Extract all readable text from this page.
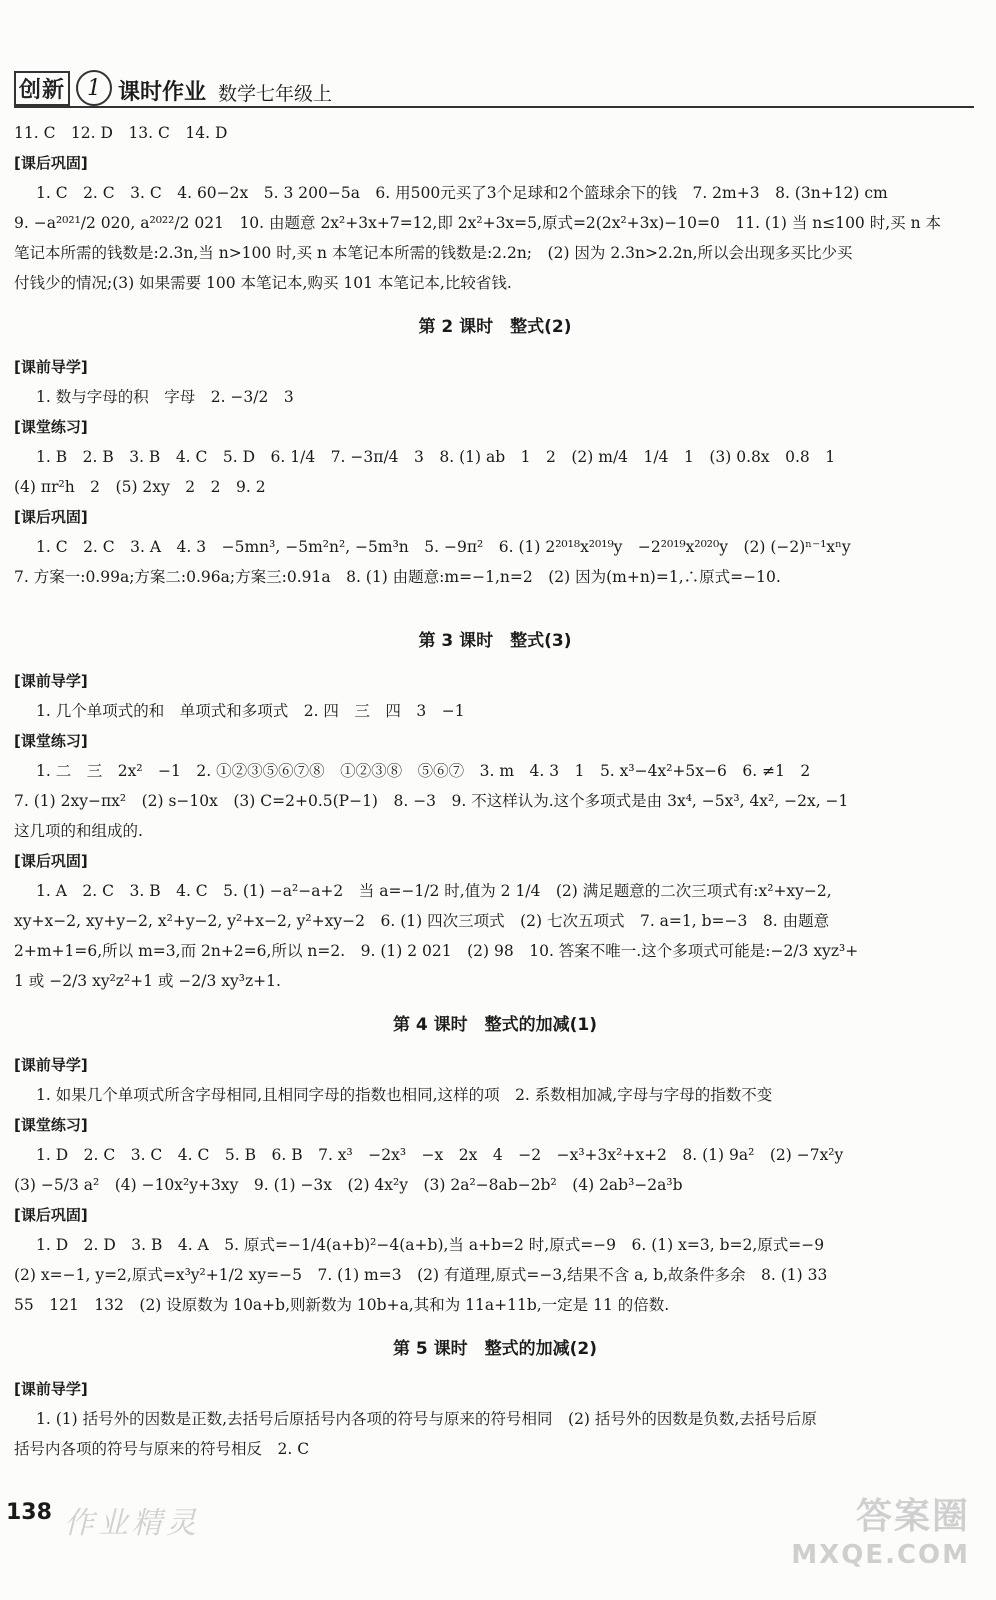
创新	1 课时作业 数学七年级上
11. C　12. D　13. C　14. D
[课后巩固]
1. C　2. C　3. C　4. 60−2x　5. 3 200−5a　6. 用500元买了3个足球和2个篮球余下的钱　7. 2m+3　8. (3n+12) cm
9. −a²⁰²¹/2 020, a²⁰²²/2 021　10. 由题意 2x²+3x+7=12,即 2x²+3x=5,原式=2(2x²+3x)−10=0　11. (1) 当 n≤100 时,买 n 本
笔记本所需的钱数是:2.3n,当 n>100 时,买 n 本笔记本所需的钱数是:2.2n;　(2) 因为 2.3n>2.2n,所以会出现多买比少买
付钱少的情况;(3) 如果需要 100 本笔记本,购买 101 本笔记本,比较省钱.
第 2 课时　整式(2)
[课前导学]
1. 数与字母的积　字母　2. −3/2　3
[课堂练习]
1. B　2. B　3. B　4. C　5. D　6. 1/4　7. −3π/4　3　8. (1) ab　1　2　(2) m/4　1/4　1　(3) 0.8x　0.8　1
(4) πr²h　2　(5) 2xy　2　2　9. 2
[课后巩固]
1. C　2. C　3. A　4. 3　−5mn³, −5m²n², −5m³n　5. −9π²　6. (1) 2²⁰¹⁸x²⁰¹⁹y　−2²⁰¹⁹x²⁰²⁰y　(2) (−2)ⁿ⁻¹xⁿy
7. 方案一:0.99a;方案二:0.96a;方案三:0.91a　8. (1) 由题意:m=−1,n=2　(2) 因为(m+n)=1,∴原式=−10.
第 3 课时　整式(3)
[课前导学]
1. 几个单项式的和　单项式和多项式　2. 四　三　四　3　−1
[课堂练习]
1. 二　三　2x²　−1　2. ①②③⑤⑥⑦⑧　①②③⑧　⑤⑥⑦　3. m　4. 3　1　5. x³−4x²+5x−6　6. ≠1　2
7. (1) 2xy−πx²　(2) s−10x　(3) C=2+0.5(P−1)　8. −3　9. 不这样认为.这个多项式是由 3x⁴, −5x³, 4x², −2x, −1
这几项的和组成的.
[课后巩固]
1. A　2. C　3. B　4. C　5. (1) −a²−a+2　当 a=−1/2 时,值为 2 1/4　(2) 满足题意的二次三项式有:x²+xy−2,
xy+x−2, xy+y−2, x²+y−2, y²+x−2, y²+xy−2　6. (1) 四次三项式　(2) 七次五项式　7. a=1, b=−3　8. 由题意
2+m+1=6,所以 m=3,而 2n+2=6,所以 n=2.　9. (1) 2 021　(2) 98　10. 答案不唯一.这个多项式可能是:−2/3 xyz³+
1 或 −2/3 xy²z²+1 或 −2/3 xy³z+1.
第 4 课时　整式的加减(1)
[课前导学]
1. 如果几个单项式所含字母相同,且相同字母的指数也相同,这样的项　2. 系数相加减,字母与字母的指数不变
[课堂练习]
1. D　2. C　3. C　4. C　5. B　6. B　7. x³　−2x³　−x　2x　4　−2　−x³+3x²+x+2　8. (1) 9a²　(2) −7x²y
(3) −5/3 a²　(4) −10x²y+3xy　9. (1) −3x　(2) 4x²y　(3) 2a²−8ab−2b²　(4) 2ab³−2a³b
[课后巩固]
1. D　2. D　3. B　4. A　5. 原式=−1/4(a+b)²−4(a+b),当 a+b=2 时,原式=−9　6. (1) x=3, b=2,原式=−9
(2) x=−1, y=2,原式=x³y²+1/2 xy=−5　7. (1) m=3　(2) 有道理,原式=−3,结果不含 a, b,故条件多余　8. (1) 33
55　121　132　(2) 设原数为 10a+b,则新数为 10b+a,其和为 11a+11b,一定是 11 的倍数.
第 5 课时　整式的加减(2)
[课前导学]
1. (1) 括号外的因数是正数,去括号后原括号内各项的符号与原来的符号相同　(2) 括号外的因数是负数,去括号后原
括号内各项的符号与原来的符号相反　2. C
138 作业精灵	答案圈
MXQE.COM
